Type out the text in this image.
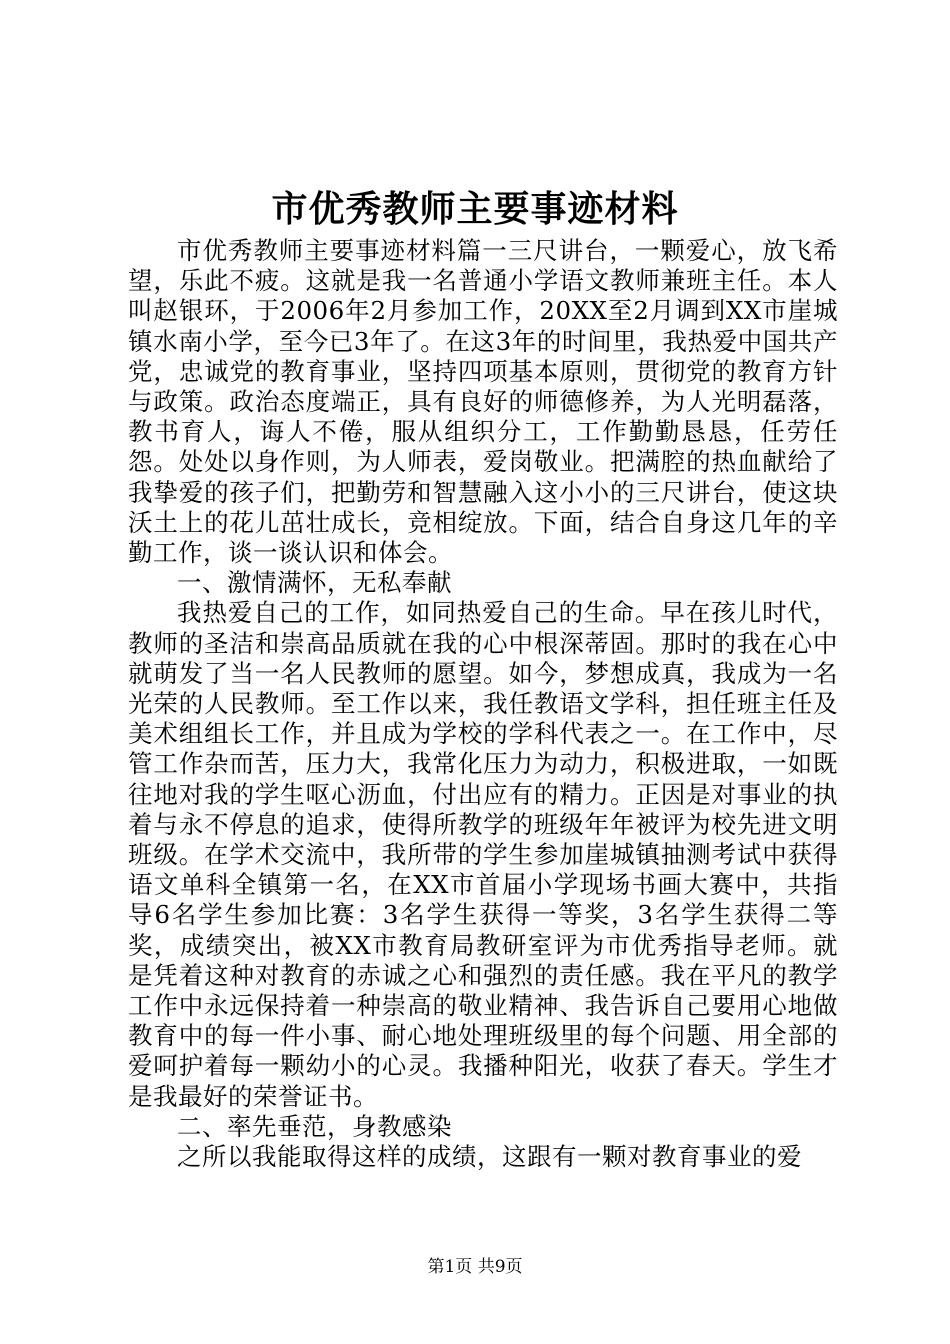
市优秀教师主要事迹材料

市优秀教师主要事迹材料篇一三尺讲台，一颗爱心，放飞希望，乐此不疲。这就是我一名普通小学语文教师兼班主任。本人叫赵银环，于2006年2月参加工作，20XX至2月调到XX市崖城镇水南小学，至今已3年了。在这3年的时间里，我热爱中国共产党，忠诚党的教育事业，坚持四项基本原则，贯彻党的教育方针与政策。政治态度端正，具有良好的师德修养，为人光明磊落，教书育人，诲人不倦，服从组织分工，工作勤勤恳恳，任劳任怨。处处以身作则，为人师表，爱岗敬业。把满腔的热血献给了我挚爱的孩子们，把勤劳和智慧融入这小小的三尺讲台，使这块沃土上的花儿茁壮成长，竞相绽放。下面，结合自身这几年的辛勤工作，谈一谈认识和体会。

一、激情满怀，无私奉献

我热爱自己的工作，如同热爱自己的生命。早在孩儿时代，教师的圣洁和崇高品质就在我的心中根深蒂固。那时的我在心中就萌发了当一名人民教师的愿望。如今，梦想成真，我成为一名光荣的人民教师。至工作以来，我任教语文学科，担任班主任及美术组组长工作，并且成为学校的学科代表之一。在工作中，尽管工作杂而苦，压力大，我常化压力为动力，积极进取，一如既往地对我的学生呕心沥血，付出应有的精力。正因是对事业的执着与永不停息的追求，使得所教学的班级年年被评为校先进文明班级。在学术交流中，我所带的学生参加崖城镇抽测考试中获得语文单科全镇第一名，在XX市首届小学现场书画大赛中，共指导6名学生参加比赛：3名学生获得一等奖，3名学生获得二等奖，成绩突出，被XX市教育局教研室评为市优秀指导老师。就是凭着这种对教育的赤诚之心和强烈的责任感。我在平凡的教学工作中永远保持着一种崇高的敬业精神、我告诉自己要用心地做教育中的每一件小事、耐心地处理班级里的每个问题、用全部的爱呵护着每一颗幼小的心灵。我播种阳光，收获了春天。学生才是我最好的荣誉证书。

二、率先垂范，身教感染

之所以我能取得这样的成绩，这跟有一颗对教育事业的爱

第1页 共9页
